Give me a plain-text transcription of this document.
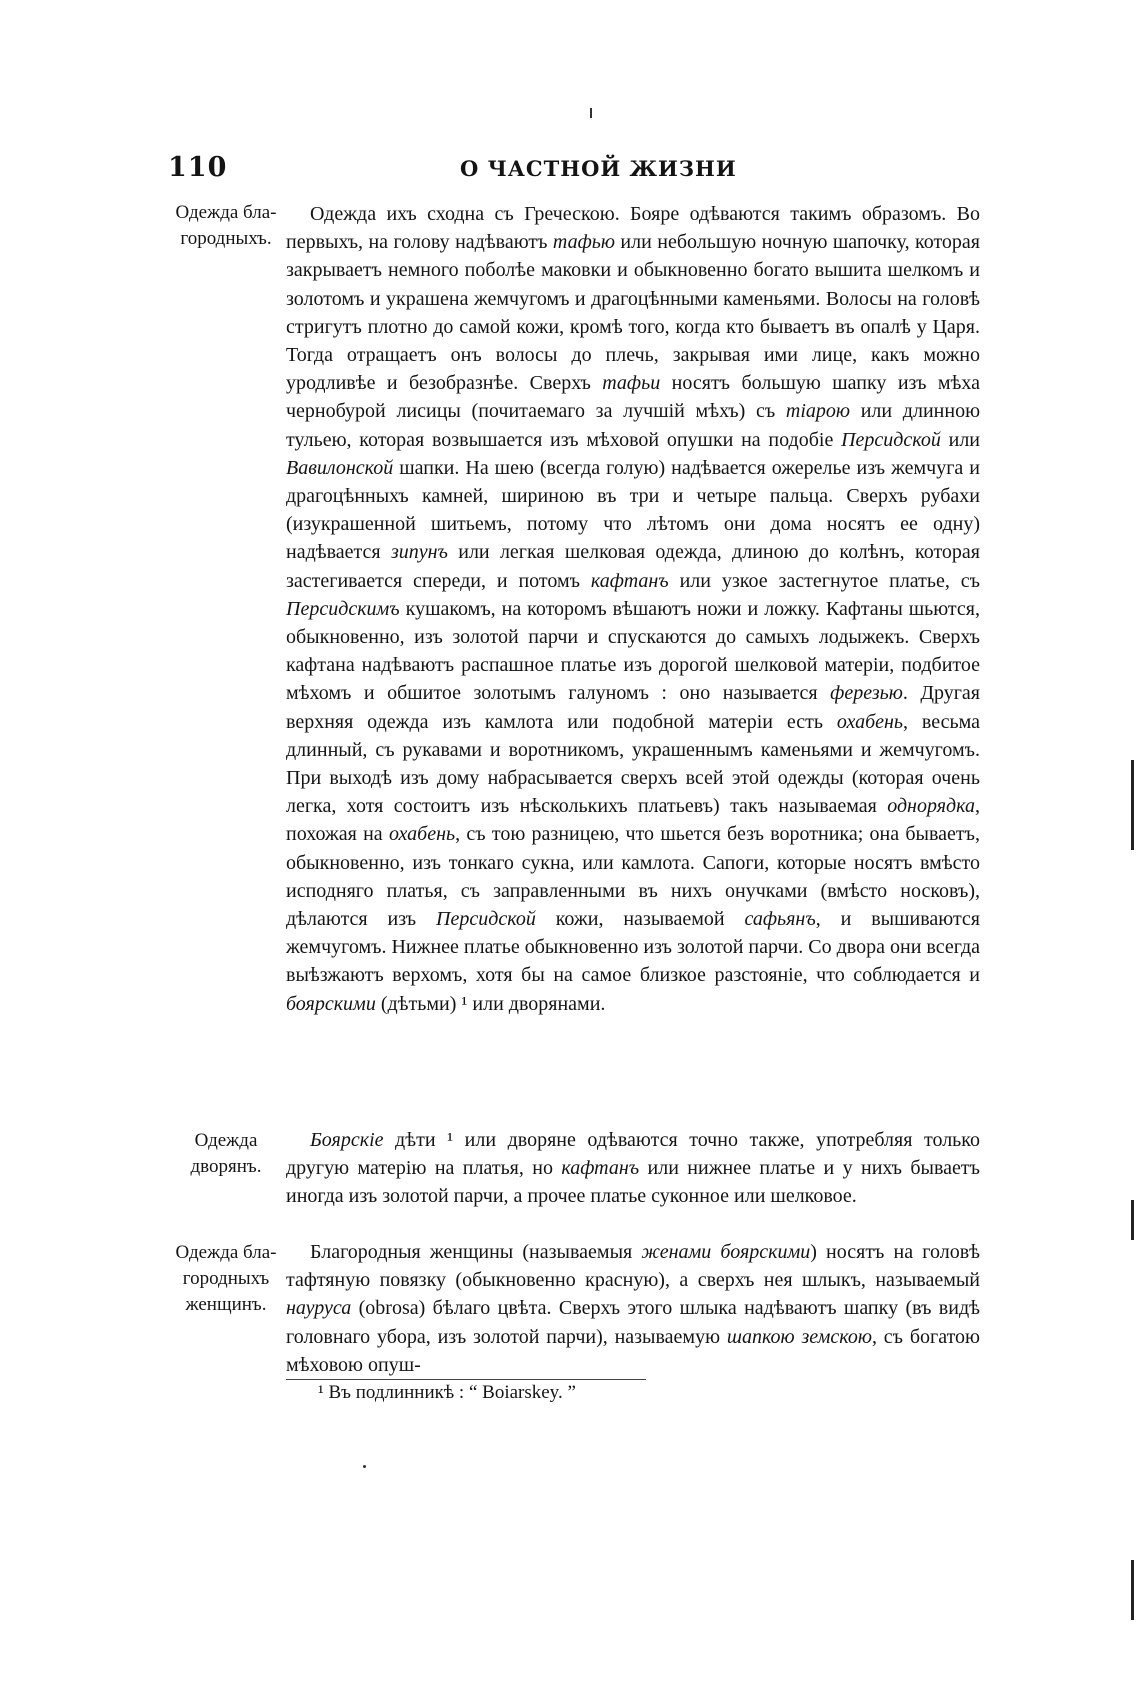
110	О ЧАСТНОЙ ЖИЗНИ
Одежда бла-городныхъ.

Одежда ихъ сходна съ Греческою. Бояре одѣваются такимъ образомъ. Во первыхъ, на голову надѣваютъ тафью или небольшую ночную шапочку, которая закрываетъ немного поболѣе маковки и обыкновенно богато вышита шелкомъ и золотомъ и украшена жемчугомъ и драгоцѣнными каменьями. Волосы на головѣ стригутъ плотно до самой кожи, кромѣ того, когда кто бываетъ въ опалѣ у Царя. Тогда отращаетъ онъ волосы до плечь, закрывая ими лице, какъ можно уродливѣе и безобразнѣе. Сверхъ тафьи носятъ большую шапку изъ мѣха чернобурой лисицы (почитаемаго за лучшій мѣхъ) съ тіарою или длинною тульею, которая возвышается изъ мѣховой опушки на подобіе Персидской или Вавилонской шапки. На шею (всегда голую) надѣвается ожерелье изъ жемчуга и драгоцѣнныхъ камней, шириною въ три и четыре пальца. Сверхъ рубахи (изукрашенной шитьемъ, потому что лѣтомъ они дома носятъ ее одну) надѣвается зипунъ или легкая шелковая одежда, длиною до колѣнъ, которая застегивается спереди, и потомъ кафтанъ или узкое застегнутое платье, съ Персидскимъ кушакомъ, на которомъ вѣшаютъ ножи и ложку. Кафтаны шьются, обыкновенно, изъ золотой парчи и спускаются до самыхъ лодыжекъ. Сверхъ кафтана надѣваютъ распашное платье изъ дорогой шелковой матеріи, подбитое мѣхомъ и обшитое золотымъ галуномъ : оно называется ферезью. Другая верхняя одежда изъ камлота или подобной матеріи есть охабень, весьма длинный, съ рукавами и воротникомъ, украшеннымъ каменьями и жемчугомъ. При выходѣ изъ дому набрасывается сверхъ всей этой одежды (которая очень легка, хотя состоитъ изъ нѣсколькихъ платьевъ) такъ называемая однорядка, похожая на охабень, съ тою разницею, что шьется безъ воротника; она бываетъ, обыкновенно, изъ тонкаго сукна, или камлота. Сапоги, которые носятъ вмѣсто исподняго платья, съ заправленными въ нихъ онучками (вмѣсто носковъ), дѣлаются изъ Персидской кожи, называемой сафьянъ, и вышиваются жемчугомъ. Нижнее платье обыкновенно изъ золотой парчи. Со двора они всегда выѣзжаютъ верхомъ, хотя бы на самое близкое разстояніе, что соблюдается и боярскими (дѣтьми) ¹ или дворянами.

Одежда дворянъ.

Боярскіе дѣти ¹ или дворяне одѣваются точно также, употребляя только другую матерію на платья, но кафтанъ или нижнее платье и у нихъ бываетъ иногда изъ золотой парчи, а прочее платье суконное или шелковое.

Одежда бла-городныхъ женщинъ.

Благородныя женщины (называемыя женами боярскими) носятъ на головѣ тафтяную повязку (обыкновенно красную), а сверхъ нея шлыкъ, называемый науруса (obrosa) бѣлаго цвѣта. Сверхъ этого шлыка надѣваютъ шапку (въ видѣ головнаго убора, изъ золотой парчи), называемую шапкою земскою, съ богатою мѣховою опуш-

¹ Въ подлинникѣ : “ Boiarskey. ”
